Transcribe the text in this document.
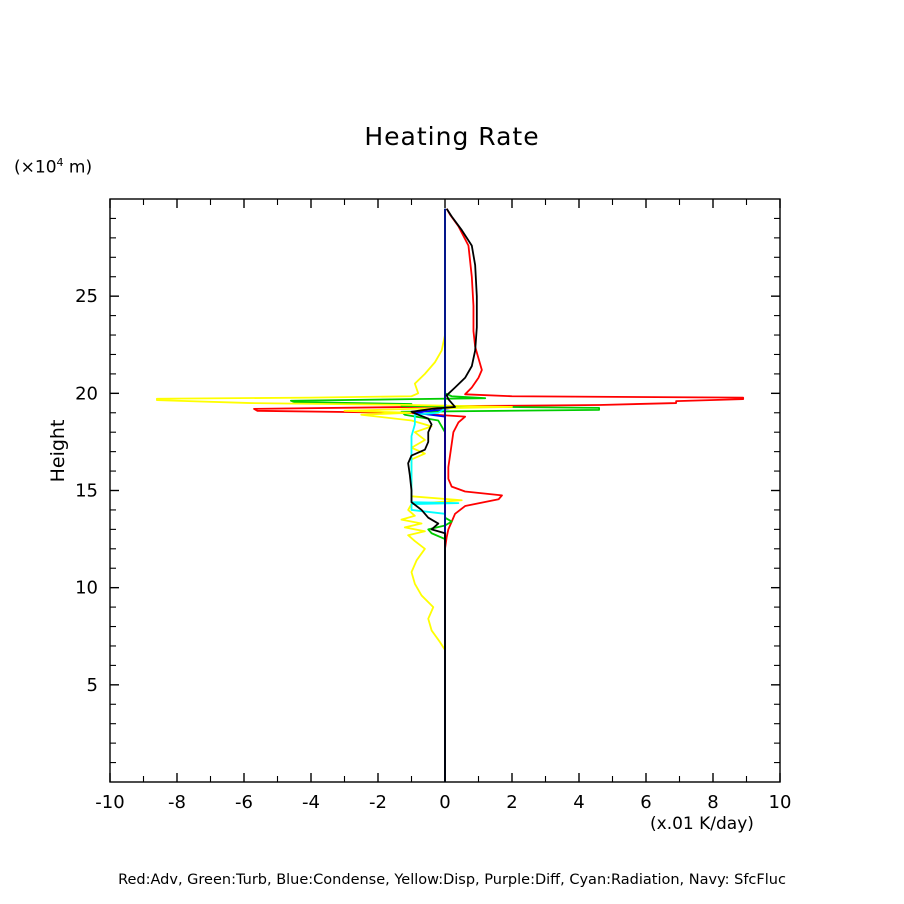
Heating Rate
($\times 10^4$ m)
Height
(x.01 K/day)
-10 -8	-6	-4	-2	0	2	4	6	8	10
5
10
15
20
25
Red:Adv, Green:Turb, Blue:Condense, Yellow:Disp, Purple:Diff, Cyan:Radiation, Navy: SfcFluc
